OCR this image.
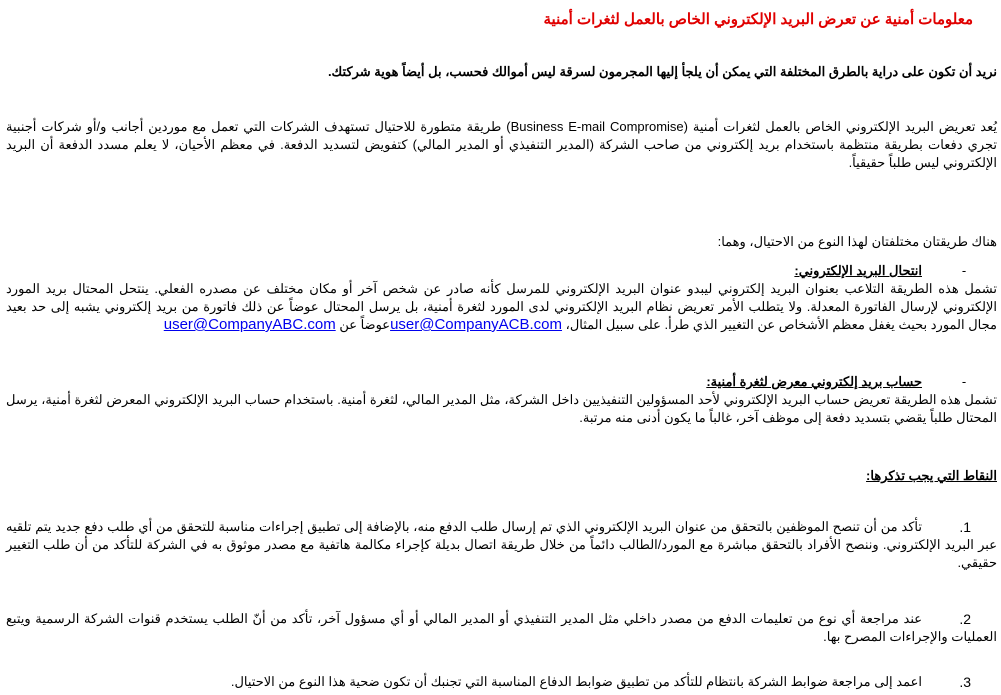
معلومات أمنية عن تعرض البريد الإلكتروني الخاص بالعمل لثغرات أمنية

نريد أن تكون على دراية بالطرق المختلفة التي يمكن أن يلجأ إليها المجرمون لسرقة ليس أموالك فحسب، بل أيضاً هوية شركتك.

يُعد تعريض البريد الإلكتروني الخاص بالعمل لثغرات أمنية (Business E-mail Compromise) طريقة متطورة للاحتيال تستهدف الشركات التي تعمل مع موردين أجانب و/أو شركات أجنبية تجري دفعات بطريقة منتظمة باستخدام بريد إلكتروني من صاحب الشركة (المدير التنفيذي أو المدير المالي) كتفويض لتسديد الدفعة. في معظم الأحيان، لا يعلم مسدد الدفعة أن البريد الإلكتروني ليس طلباً حقيقياً.

هناك طريقتان مختلفتان لهذا النوع من الاحتيال، وهما:

-
انتحال البريد الإلكتروني:
تشمل هذه الطريقة التلاعب بعنوان البريد إلكتروني ليبدو عنوان البريد الإلكتروني للمرسل كأنه صادر عن شخص آخر أو مكان مختلف عن مصدره الفعلي. ينتحل المحتال بريد المورد الإلكتروني لإرسال الفاتورة المعدلة. ولا يتطلب الأمر تعريض نظام البريد الإلكتروني لدى المورد لثغرة أمنية، بل يرسل المحتال عوضاً عن ذلك فاتورة من بريد إلكتروني يشبه إلى حد بعيد مجال المورد بحيث يغفل معظم الأشخاص عن التغيير الذي طرأ. على سبيل المثال، user@CompanyACB.comعوضاً عن user@CompanyABC.com
-
حساب بريد إلكتروني معرض لثغرة أمنية:
تشمل هذه الطريقة تعريض حساب البريد الإلكتروني لأحد المسؤولين التنفيذيين داخل الشركة، مثل المدير المالي، لثغرة أمنية. باستخدام حساب البريد الإلكتروني المعرض لثغرة أمنية، يرسل المحتال طلباً يقضي بتسديد دفعة إلى موظف آخر، غالباً ما يكون أدنى منه مرتبة.

النقاط التي يجب تذكرها:

1.
تأكد من أن تنصح الموظفين بالتحقق من عنوان البريد الإلكتروني الذي تم إرسال طلب الدفع منه، بالإضافة إلى تطبيق إجراءات مناسبة للتحقق من أي طلب دفع جديد يتم تلقيه عبر البريد الإلكتروني. وننصح الأفراد بالتحقق مباشرة مع المورد/الطالب دائماً من خلال طريقة اتصال بديلة كإجراء مكالمة هاتفية مع مصدر موثوق به في الشركة للتأكد من أن طلب التغيير حقيقي.
2.
عند مراجعة أي نوع من تعليمات الدفع من مصدر داخلي مثل المدير التنفيذي أو المدير المالي أو أي مسؤول آخر، تأكد من أنّ الطلب يستخدم قنوات الشركة الرسمية ويتبع العمليات والإجراءات المصرح بها.
3.
اعمد إلى مراجعة ضوابط الشركة بانتظام للتأكد من تطبيق ضوابط الدفاع المناسبة التي تجنبك أن تكون ضحية هذا النوع من الاحتيال.
